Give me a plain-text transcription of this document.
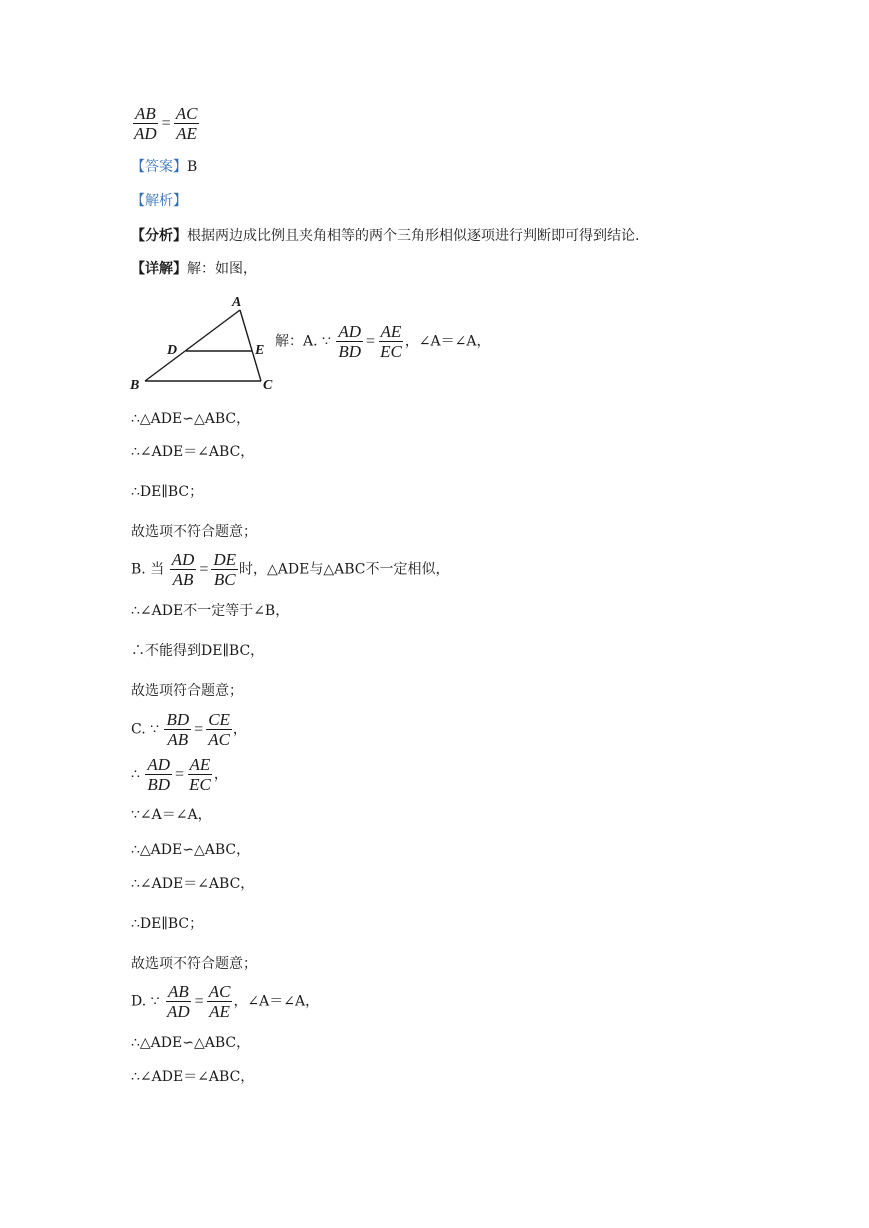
$\frac{AB}{AD} = \frac{AC}{AE}$
【答案】B
【解析】
【分析】根据两边成比例且夹角相等的两个三角形相似逐项进行判断即可得到结论.
【详解】解：如图，
A
B	C
D	E
解：A. ∵ $\frac{AD}{BD} = \frac{AE}{EC}$ ，∠A＝∠A，
∴△ADE∽△ABC，
∴∠ADE＝∠ABC，
∴DE∥BC；
故选项不符合题意；
B. 当 $\frac{AD}{AB} = \frac{DE}{BC}$ 时，△ADE与△ABC不一定相似，
∴∠ADE不一定等于∠B，
∴不能得到DE∥BC，
故选项符合题意；
C. ∵ $\frac{BD}{AB} = \frac{CE}{AC}$ ，
∴ $\frac{AD}{BD} = \frac{AE}{EC}$ ，
∵∠A＝∠A，
∴△ADE∽△ABC，
∴∠ADE＝∠ABC，
∴DE∥BC；
故选项不符合题意；
D. ∵ $\frac{AB}{AD} = \frac{AC}{AE}$ ，∠A＝∠A，
∴△ADE∽△ABC，
∴∠ADE＝∠ABC，
